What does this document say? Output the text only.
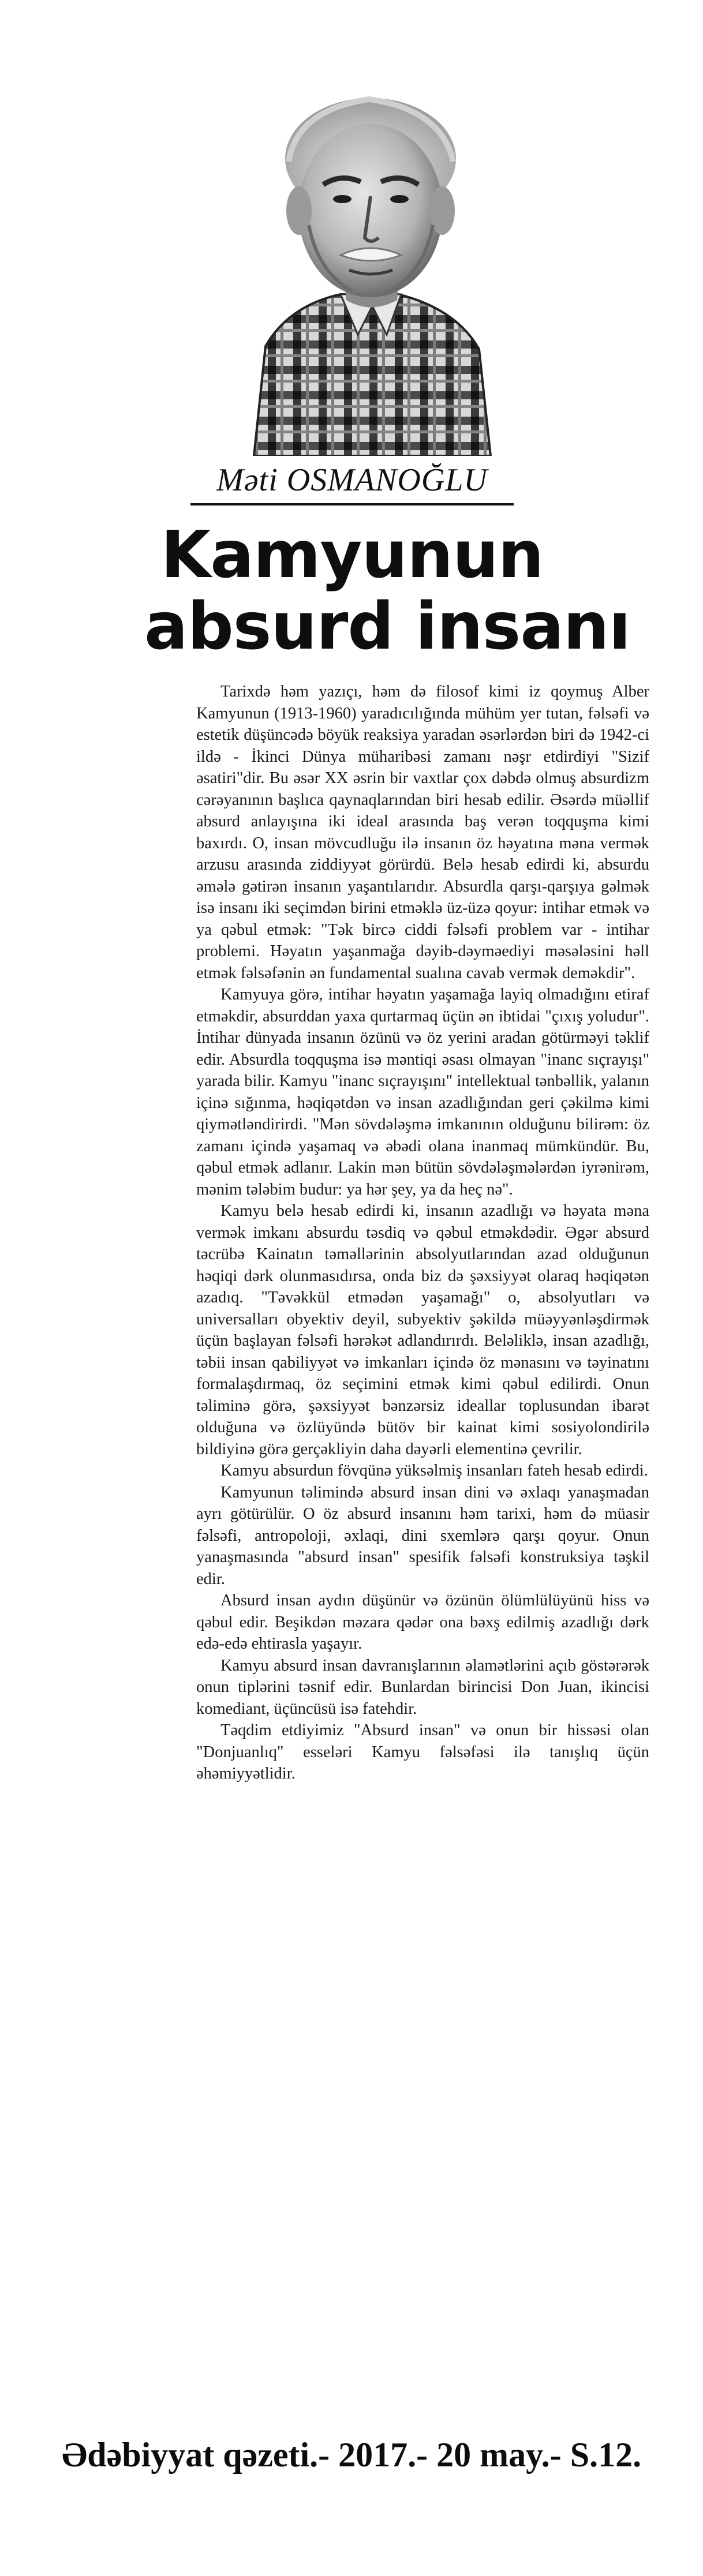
Məti OSMANOĞLU
Kamyunun
absurd insanı

Tarixdə həm yazıçı, həm də filosof kimi iz qoymuş Alber Kamyunun (1913-1960) yaradıcılığında mühüm yer tutan, fəlsəfi və estetik düşüncədə böyük reaksiya yaradan əsərlərdən biri də 1942-ci ildə - İkinci Dünya müharibəsi zamanı nəşr etdirdiyi "Sizif əsatiri"dir. Bu əsər XX əsrin bir vaxtlar çox dəbdə olmuş absurdizm cərəyanının başlıca qaynaqlarından biri hesab edilir. Əsərdə müəllif absurd anlayışına iki ideal arasında baş verən toqquşma kimi baxırdı. O, insan mövcudluğu ilə insanın öz həyatına məna vermək arzusu arasında ziddiyyət görürdü. Belə hesab edirdi ki, absurdu əmələ gətirən insanın yaşantılarıdır. Absurdla qarşı-qarşıya gəlmək isə insanı iki seçimdən birini etməklə üz-üzə qoyur: intihar etmək və ya qəbul etmək: "Tək bircə ciddi fəlsəfi problem var - intihar problemi. Həyatın yaşanmağa dəyib-dəyməediyi məsələsini həll etmək fəlsəfənin ən fundamental sualına cavab vermək deməkdir".

Kamyuya görə, intihar həyatın yaşamağa layiq olmadığını etiraf etməkdir, absurddan yaxa qurtarmaq üçün ən ibtidai "çıxış yoludur". İntihar dünyada insanın özünü və öz yerini aradan götürməyi təklif edir. Absurdla toqquşma isə məntiqi əsası olmayan "inanc sıçrayışı" yarada bilir. Kamyu "inanc sıçrayışını" intellektual tənbəllik, yalanın içinə sığınma, həqiqətdən və insan azadlığından geri çəkilmə kimi qiymətləndirirdi. "Mən sövdələşmə imkanının olduğunu bilirəm: öz zamanı içində yaşamaq və əbədi olana inanmaq mümkündür. Bu, qəbul etmək adlanır. Lakin mən bütün sövdələşmələrdən iyrənirəm, mənim tələbim budur: ya hər şey, ya da heç nə".

Kamyu belə hesab edirdi ki, insanın azadlığı və həyata məna vermək imkanı absurdu təsdiq və qəbul etməkdədir. Əgər absurd təcrübə Kainatın təməllərinin absolyutlarından azad olduğunun həqiqi dərk olunmasıdırsa, onda biz də şəxsiyyət olaraq həqiqətən azadıq. "Təvəkkül etmədən yaşamağı" o, absolyutları və universalları obyektiv deyil, subyektiv şəkildə müəyyənləşdirmək üçün başlayan fəlsəfi hərəkət adlandırırdı. Beləliklə, insan azadlığı, təbii insan qabiliyyət və imkanları içində öz mənasını və təyinatını formalaşdırmaq, öz seçimini etmək kimi qəbul edilirdi. Onun təliminə görə, şəxsiyyət bənzərsiz ideallar toplusundan ibarət olduğuna və özlüyündə bütöv bir kainat kimi sosiyolondirilə bildiyinə görə gerçəkliyin daha dəyərli elementinə çevrilir.

Kamyu absurdun fövqünə yüksəlmiş insanları fateh hesab edirdi.

Kamyunun təlimində absurd insan dini və əxlaqı yanaşmadan ayrı götürülür. O öz absurd insanını həm tarixi, həm də müasir fəlsəfi, antropoloji, əxlaqi, dini sxemlərə qarşı qoyur. Onun yanaşmasında "absurd insan" spesifik fəlsəfi konstruksiya təşkil edir.

Absurd insan aydın düşünür və özünün ölümlülüyünü hiss və qəbul edir. Beşikdən məzara qədər ona bəxş edilmiş azadlığı dərk edə-edə ehtirasla yaşayır.

Kamyu absurd insan davranışlarının əlamətlərini açıb göstərərək onun tiplərini təsnif edir. Bunlardan birincisi Don Juan, ikincisi komediant, üçüncüsü isə fatehdir.

Təqdim etdiyimiz "Absurd insan" və onun bir hissəsi olan "Donjuanlıq" esseləri Kamyu fəlsəfəsi ilə tanışlıq üçün əhəmiyyətlidir.

Ədəbiyyat qəzeti.- 2017.- 20 may.- S.12.
